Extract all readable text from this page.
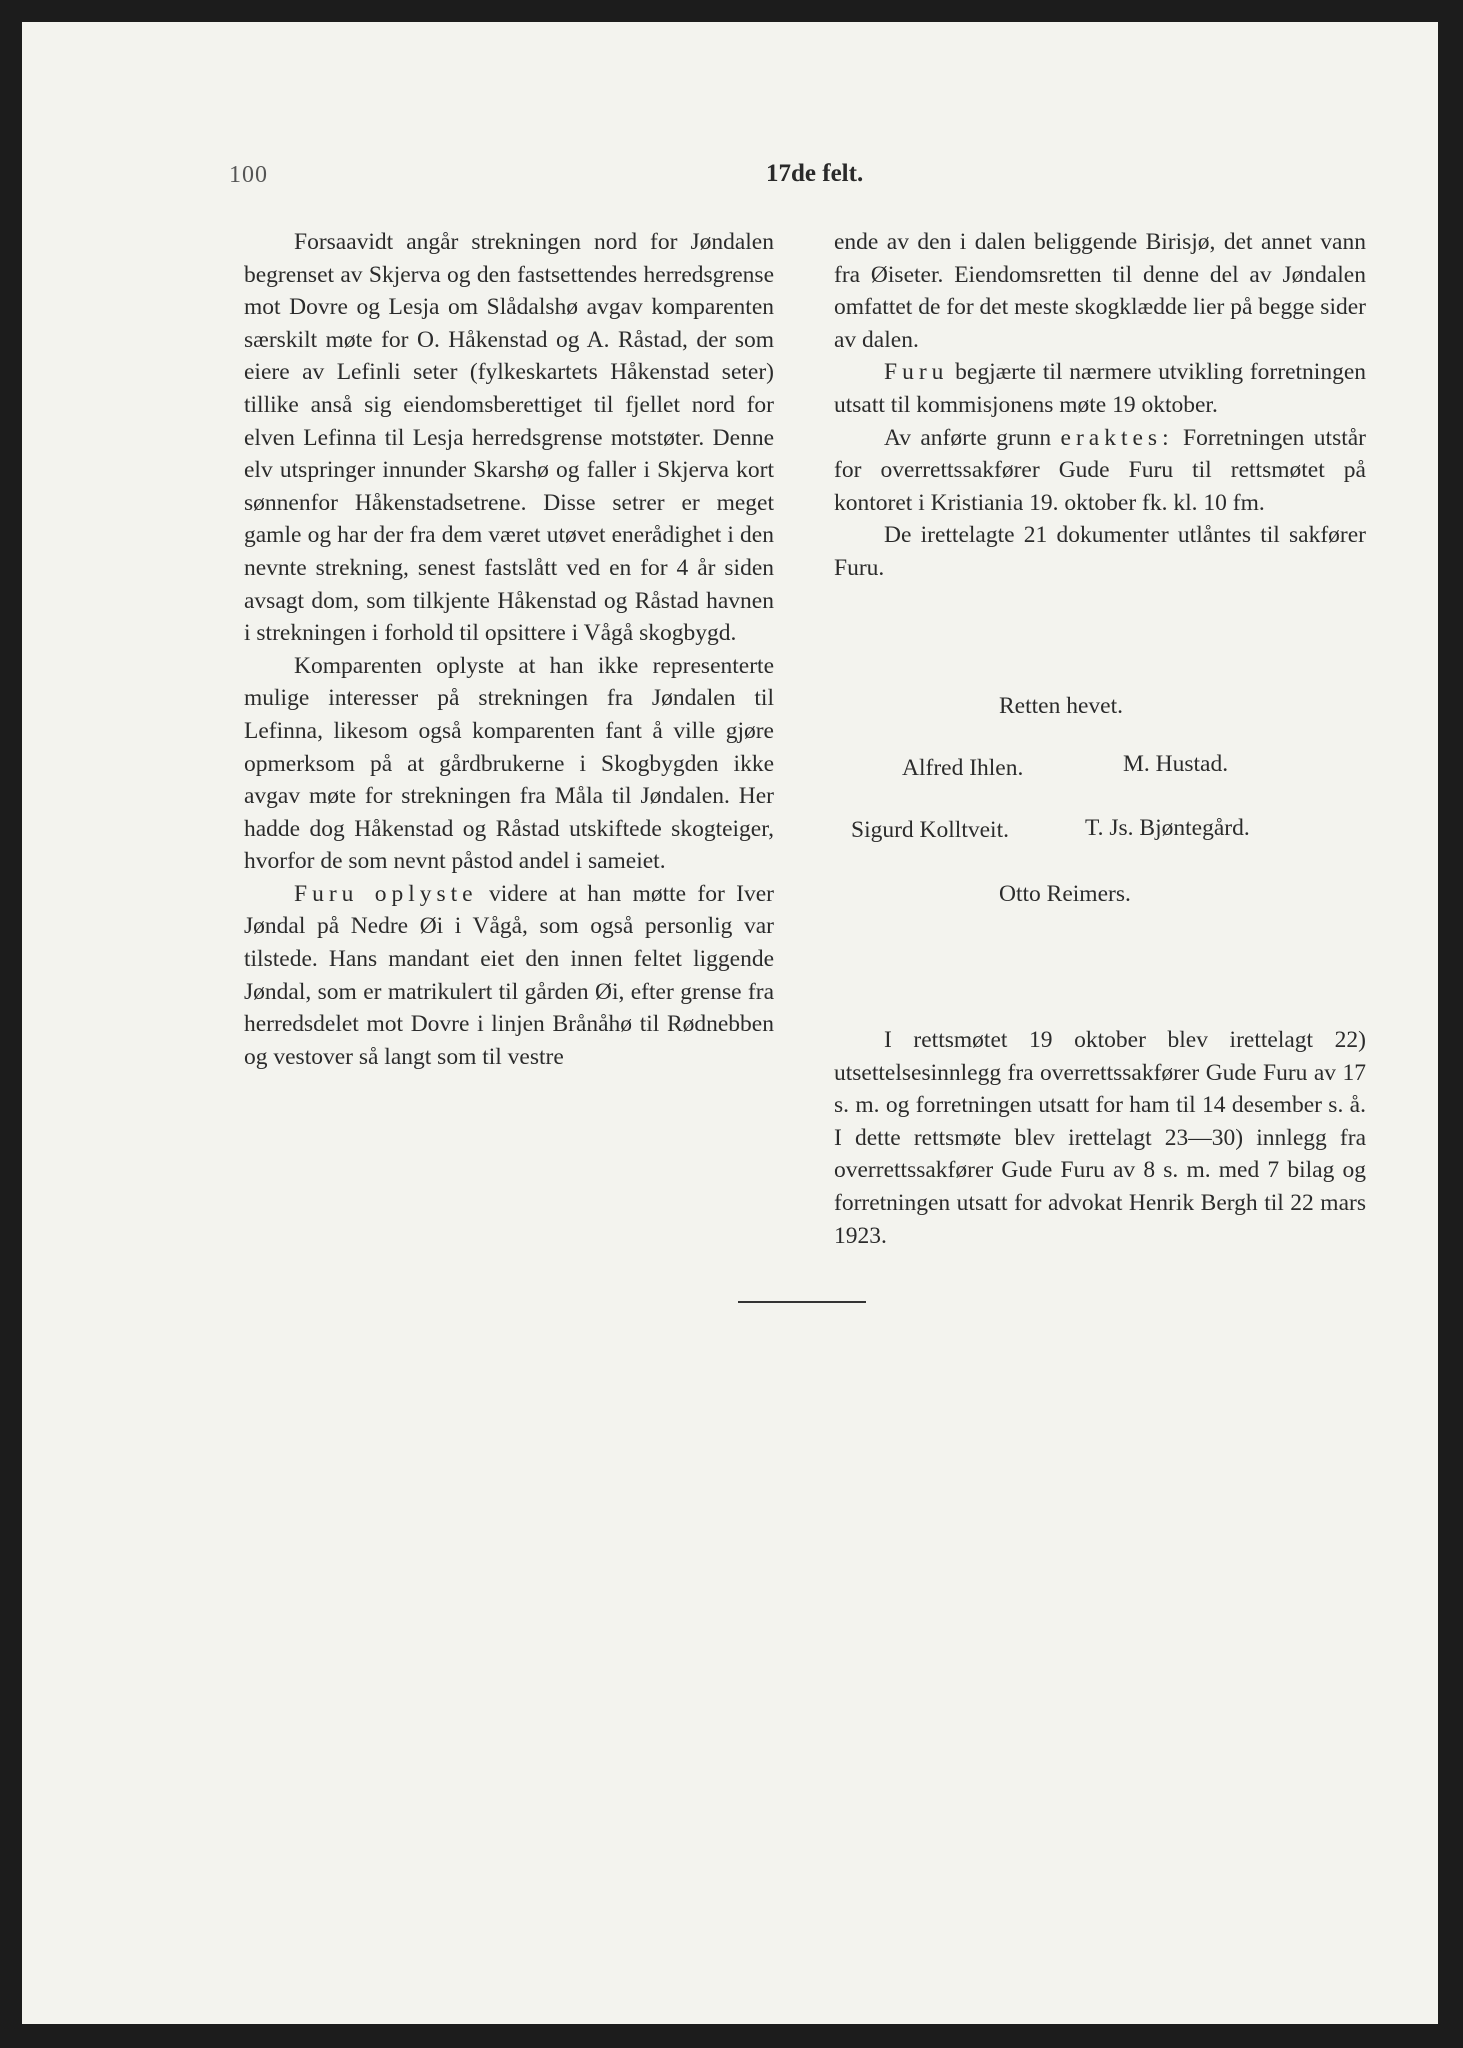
100	17de felt.

Forsaavidt angår strekningen nord for Jøndalen begrenset av Skjerva og den fastsettendes herredsgrense mot Dovre og Lesja om Slådalshø avgav komparenten særskilt møte for O. Håkenstad og A. Råstad, der som eiere av Lefinli seter (fylkeskartets Håkenstad seter) tillike anså sig eiendomsberettiget til fjellet nord for elven Lefinna til Lesja herredsgrense motstøter. Denne elv utspringer innunder Skarshø og faller i Skjerva kort sønnenfor Håkenstadsetrene. Disse setrer er meget gamle og har der fra dem været utøvet enerådighet i den nevnte strekning, senest fastslått ved en for 4 år siden avsagt dom, som tilkjente Håkenstad og Råstad havnen i strekningen i forhold til opsittere i Vågå skogbygd.

Komparenten oplyste at han ikke representerte mulige interesser på strekningen fra Jøndalen til Lefinna, likesom også komparenten fant å ville gjøre opmerksom på at gårdbrukerne i Skogbygden ikke avgav møte for strekningen fra Måla til Jøndalen. Her hadde dog Håkenstad og Råstad utskiftede skogteiger, hvorfor de som nevnt påstod andel i sameiet.

Furu oplyste videre at han møtte for Iver Jøndal på Nedre Øi i Vågå, som også personlig var tilstede. Hans mandant eiet den innen feltet liggende Jøndal, som er matrikulert til gården Øi, efter grense fra herredsdelet mot Dovre i linjen Brånåhø til Rødnebben og vestover så langt som til vestre

ende av den i dalen beliggende Birisjø, det annet vann fra Øiseter. Eiendomsretten til denne del av Jøndalen omfattet de for det meste skogklædde lier på begge sider av dalen.

Furu begjærte til nærmere utvikling forretningen utsatt til kommisjonens møte 19 oktober.

Av anførte grunn eraktes: Forretningen utstår for overrettssakfører Gude Furu til rettsmøtet på kontoret i Kristiania 19. oktober fk. kl. 10 fm.

De irettelagte 21 dokumenter utlåntes til sakfører Furu.

Retten hevet.
Alfred Ihlen.	M. Hustad.
Sigurd Kolltveit.	T. Js. Bjøntegård.
Otto Reimers.

I rettsmøtet 19 oktober blev irettelagt 22) utsettelsesinnlegg fra overrettssakfører Gude Furu av 17 s. m. og forretningen utsatt for ham til 14 desember s. å. I dette rettsmøte blev irettelagt 23—30) innlegg fra overrettssakfører Gude Furu av 8 s. m. med 7 bilag og forretningen utsatt for advokat Henrik Bergh til 22 mars 1923.
